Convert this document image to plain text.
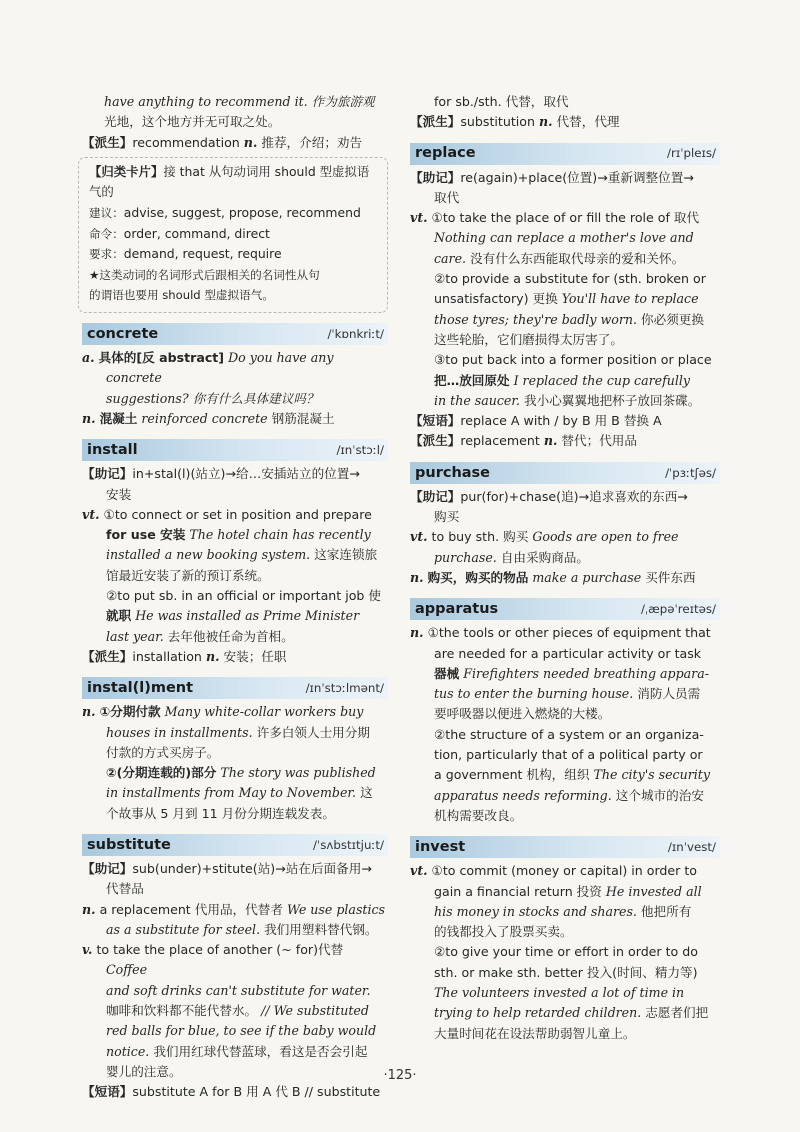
have anything to recommend it. 作为旅游观

光地，这个地方并无可取之处。

【派生】recommendation n. 推荐，介绍；劝告

【归类卡片】接 that 从句动词用 should 型虚拟语

气的

建议：advise, suggest, propose, recommend

命令：order, command, direct

要求：demand, request, require

★这类动词的名词形式后跟相关的名词性从句

的谓语也要用 should 型虚拟语气。

concrete	/ˈkɒnkriːt/

a. 具体的[反 abstract] Do you have any concrete
suggestions? 你有什么具体建议吗？

n. 混凝土 reinforced concrete 钢筋混凝土

install	/ɪnˈstɔːl/

【助记】in+stal(l)(站立)→给…安插站立的位置→

安装

vt. ①to connect or set in position and prepare
for use 安装 The hotel chain has recently
installed a new booking system. 这家连锁旅
馆最近安装了新的预订系统。

②to put sb. in an official or important job 使
就职 He was installed as Prime Minister
last year. 去年他被任命为首相。

【派生】installation n. 安装；任职

instal(l)ment	/ɪnˈstɔːlmənt/

n. ①分期付款 Many white-collar workers buy
houses in installments. 许多白领人士用分期
付款的方式买房子。

②(分期连载的)部分 The story was published
in installments from May to November. 这
个故事从 5 月到 11 月份分期连载发表。

substitute	/ˈsʌbstɪtjuːt/

【助记】sub(under)+stitute(站)→站在后面备用→

代替品

n. a replacement 代用品，代替者 We use plastics
as a substitute for steel. 我们用塑料替代钢。

v. to take the place of another (~ for)代替 Coffee
and soft drinks can't substitute for water.
咖啡和饮料都不能代替水。 // We substituted
red balls for blue, to see if the baby would
notice. 我们用红球代替蓝球，看这是否会引起
婴儿的注意。

【短语】substitute A for B 用 A 代 B // substitute

for sb./sth. 代替，取代

【派生】substitution n. 代替，代理

replace	/rɪˈpleɪs/

【助记】re(again)+place(位置)→重新调整位置→

取代

vt. ①to take the place of or fill the role of 取代
Nothing can replace a mother's love and
care. 没有什么东西能取代母亲的爱和关怀。

②to provide a substitute for (sth. broken or
unsatisfactory) 更换 You'll have to replace
those tyres; they're badly worn. 你必须更换
这些轮胎，它们磨损得太厉害了。

③to put back into a former position or place
把…放回原处 I replaced the cup carefully
in the saucer. 我小心翼翼地把杯子放回茶碟。

【短语】replace A with / by B 用 B 替换 A

【派生】replacement n. 替代；代用品

purchase	/ˈpɜːtʃəs/

【助记】pur(for)+chase(追)→追求喜欢的东西→

购买

vt. to buy sth. 购买 Goods are open to free
purchase. 自由采购商品。

n. 购买，购买的物品 make a purchase 买件东西

apparatus	/ˌæpəˈreɪtəs/

n. ①the tools or other pieces of equipment that
are needed for a particular activity or task
器械 Firefighters needed breathing appara-
tus to enter the burning house. 消防人员需
要呼吸器以便进入燃烧的大楼。

②the structure of a system or an organiza-
tion, particularly that of a political party or
a government 机构，组织 The city's security
apparatus needs reforming. 这个城市的治安
机构需要改良。

invest	/ɪnˈvest/

vt. ①to commit (money or capital) in order to
gain a financial return 投资 He invested all
his money in stocks and shares. 他把所有
的钱都投入了股票买卖。

②to give your time or effort in order to do
sth. or make sth. better 投入(时间、精力等)
The volunteers invested a lot of time in
trying to help retarded children. 志愿者们把
大量时间花在设法帮助弱智儿童上。

·125·
